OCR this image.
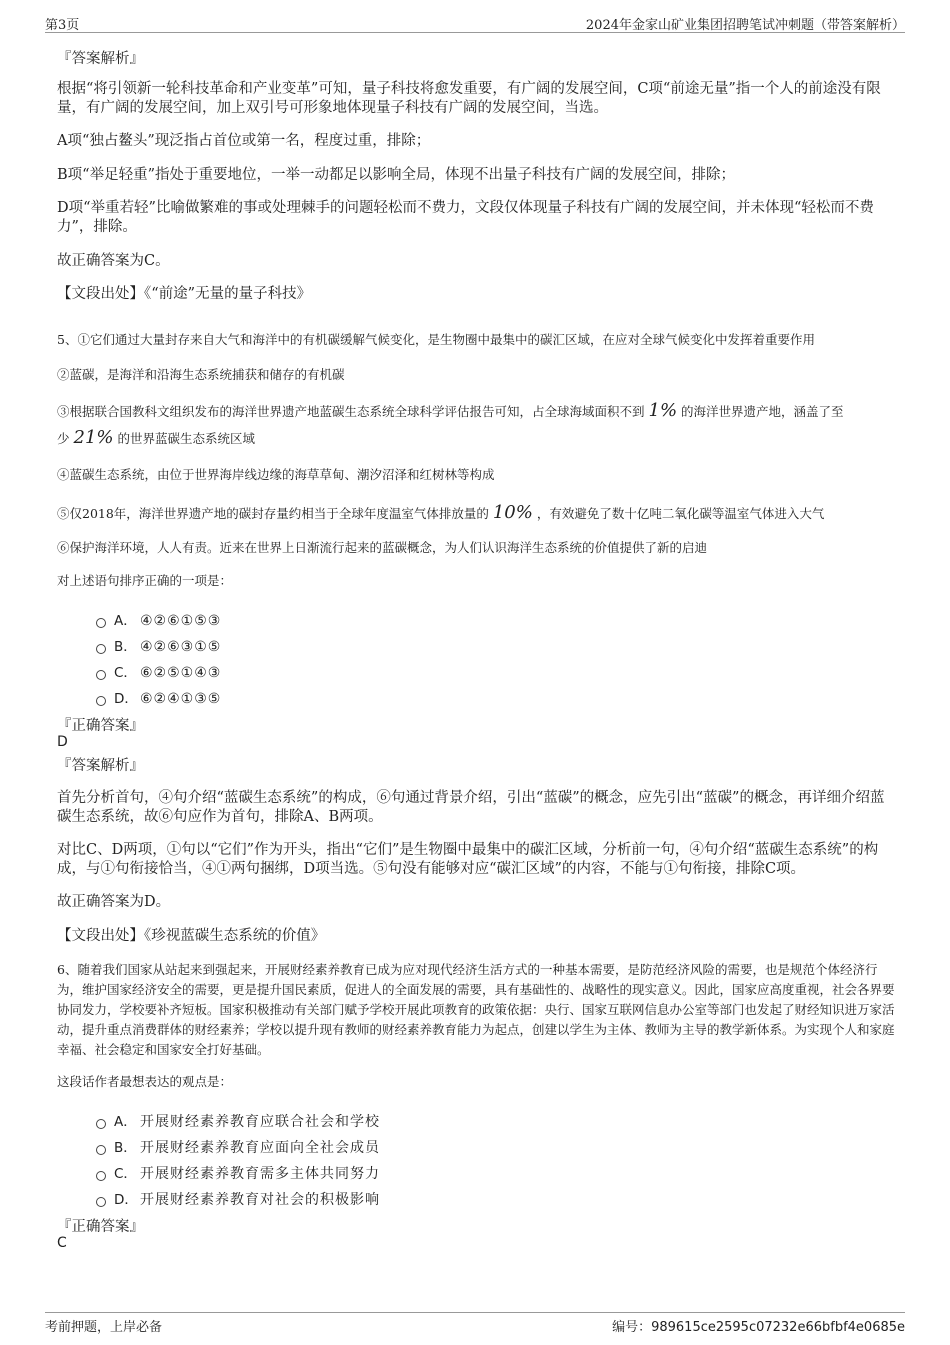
第3页	2024年金家山矿业集团招聘笔试冲刺题（带答案解析）
『答案解析』

根据“将引领新一轮科技革命和产业变革”可知，量子科技将愈发重要，有广阔的发展空间，C项“前途无量”指一个人的前途没有限量，有广阔的发展空间，加上双引号可形象地体现量子科技有广阔的发展空间，当选。

A项“独占鳌头”现泛指占首位或第一名，程度过重，排除；

B项“举足轻重”指处于重要地位，一举一动都足以影响全局，体现不出量子科技有广阔的发展空间，排除；

D项“举重若轻”比喻做繁难的事或处理棘手的问题轻松而不费力，文段仅体现量子科技有广阔的发展空间，并未体现“轻松而不费力”，排除。

故正确答案为C。

【文段出处】《“前途”无量的量子科技》

5、①它们通过大量封存来自大气和海洋中的有机碳缓解气候变化，是生物圈中最集中的碳汇区域，在应对全球气候变化中发挥着重要作用

②蓝碳，是海洋和沿海生态系统捕获和储存的有机碳

③根据联合国教科文组织发布的海洋世界遗产地蓝碳生态系统全球科学评估报告可知，占全球海域面积不到 1% 的海洋世界遗产地，涵盖了至
少 21% 的世界蓝碳生态系统区域

④蓝碳生态系统，由位于世界海岸线边缘的海草草甸、潮汐沼泽和红树林等构成

⑤仅2018年，海洋世界遗产地的碳封存量约相当于全球年度温室气体排放量的 10% ，有效避免了数十亿吨二氧化碳等温室气体进入大气

⑥保护海洋环境，人人有责。近来在世界上日渐流行起来的蓝碳概念，为人们认识海洋生态系统的价值提供了新的启迪

对上述语句排序正确的一项是：

A． ④②⑥①⑤③
B． ④②⑥③①⑤
C． ⑥②⑤①④③
D． ⑥②④①③⑤
『正确答案』
D
『答案解析』

首先分析首句，④句介绍“蓝碳生态系统”的构成，⑥句通过背景介绍，引出“蓝碳”的概念，应先引出“蓝碳”的概念，再详细介绍蓝碳生态系统，故⑥句应作为首句，排除A、B两项。

对比C、D两项，①句以“它们”作为开头，指出“它们”是生物圈中最集中的碳汇区域，分析前一句，④句介绍“蓝碳生态系统”的构成，与①句衔接恰当，④①两句捆绑，D项当选。⑤句没有能够对应“碳汇区域”的内容，不能与①句衔接，排除C项。

故正确答案为D。

【文段出处】《珍视蓝碳生态系统的价值》

6、随着我们国家从站起来到强起来，开展财经素养教育已成为应对现代经济生活方式的一种基本需要，是防范经济风险的需要，也是规范个体经济行为，维护国家经济安全的需要，更是提升国民素质，促进人的全面发展的需要，具有基础性的、战略性的现实意义。因此，国家应高度重视，社会各界要协同发力，学校要补齐短板。国家积极推动有关部门赋予学校开展此项教育的政策依据：央行、国家互联网信息办公室等部门也发起了财经知识进万家活动，提升重点消费群体的财经素养；学校以提升现有教师的财经素养教育能力为起点，创建以学生为主体、教师为主导的教学新体系。为实现个人和家庭幸福、社会稳定和国家安全打好基础。

这段话作者最想表达的观点是：

A． 开展财经素养教育应联合社会和学校
B． 开展财经素养教育应面向全社会成员
C． 开展财经素养教育需多主体共同努力
D． 开展财经素养教育对社会的积极影响
『正确答案』
C
考前押题，上岸必备	编号：989615ce2595c07232e66bfbf4e0685e
